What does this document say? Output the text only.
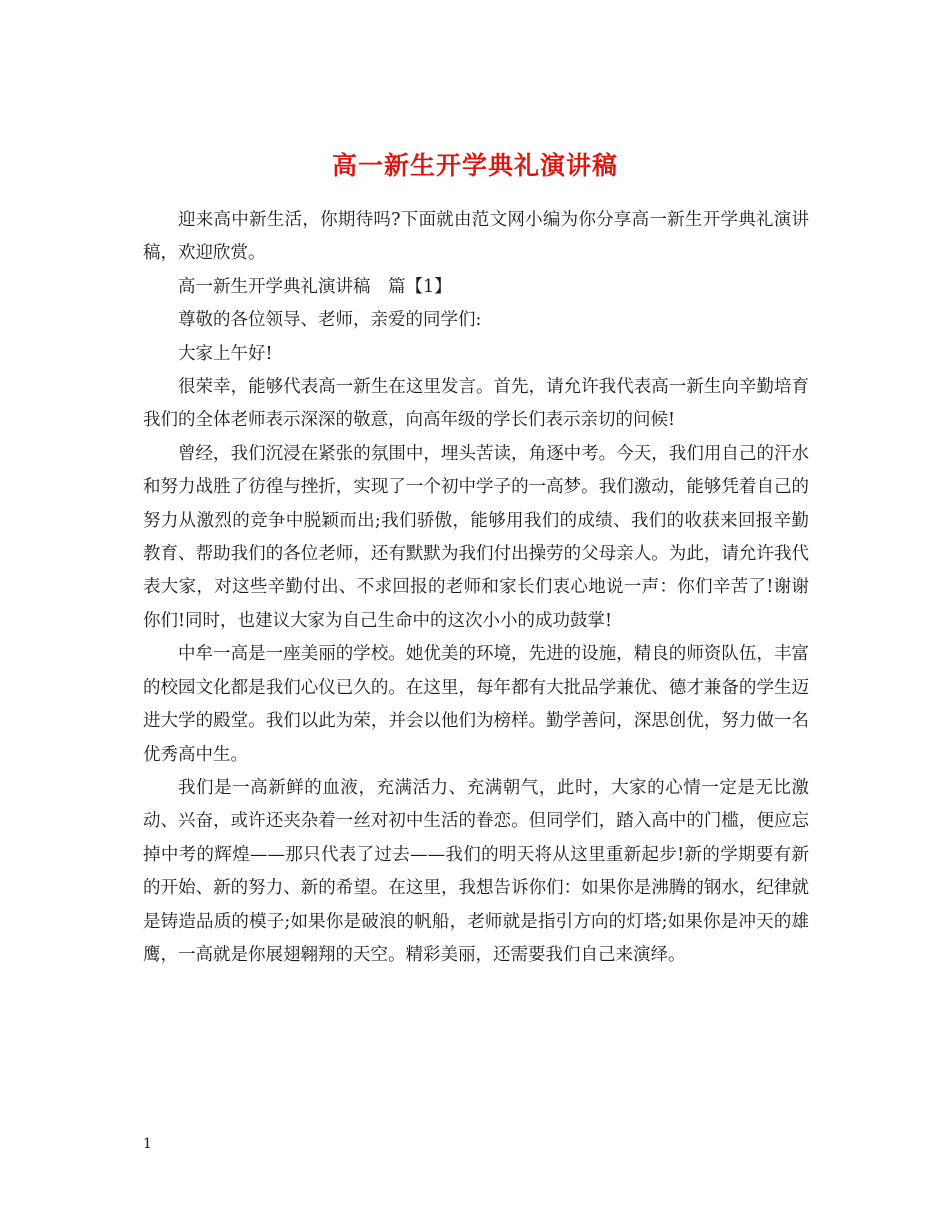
高一新生开学典礼演讲稿

迎来高中新生活，你期待吗?下面就由范文网小编为你分享高一新生开学典礼演讲稿，欢迎欣赏。

高一新生开学典礼演讲稿　篇【1】

尊敬的各位领导、老师，亲爱的同学们:

大家上午好!

很荣幸，能够代表高一新生在这里发言。首先，请允许我代表高一新生向辛勤培育我们的全体老师表示深深的敬意，向高年级的学长们表示亲切的问候!

曾经，我们沉浸在紧张的氛围中，埋头苦读，角逐中考。今天，我们用自己的汗水和努力战胜了彷徨与挫折，实现了一个初中学子的一高梦。我们激动，能够凭着自己的努力从激烈的竞争中脱颖而出;我们骄傲，能够用我们的成绩、我们的收获来回报辛勤教育、帮助我们的各位老师，还有默默为我们付出操劳的父母亲人。为此，请允许我代表大家，对这些辛勤付出、不求回报的老师和家长们衷心地说一声：你们辛苦了!谢谢你们!同时，也建议大家为自己生命中的这次小小的成功鼓掌!

中牟一高是一座美丽的学校。她优美的环境，先进的设施，精良的师资队伍，丰富的校园文化都是我们心仪已久的。在这里，每年都有大批品学兼优、德才兼备的学生迈进大学的殿堂。我们以此为荣，并会以他们为榜样。勤学善问，深思创优，努力做一名优秀高中生。

我们是一高新鲜的血液，充满活力、充满朝气，此时，大家的心情一定是无比激动、兴奋，或许还夹杂着一丝对初中生活的眷恋。但同学们，踏入高中的门槛，便应忘掉中考的辉煌——那只代表了过去——我们的明天将从这里重新起步!新的学期要有新的开始、新的努力、新的希望。在这里，我想告诉你们：如果你是沸腾的钢水，纪律就是铸造品质的模子;如果你是破浪的帆船，老师就是指引方向的灯塔;如果你是冲天的雄鹰，一高就是你展翅翱翔的天空。精彩美丽，还需要我们自己来演绎。

1
